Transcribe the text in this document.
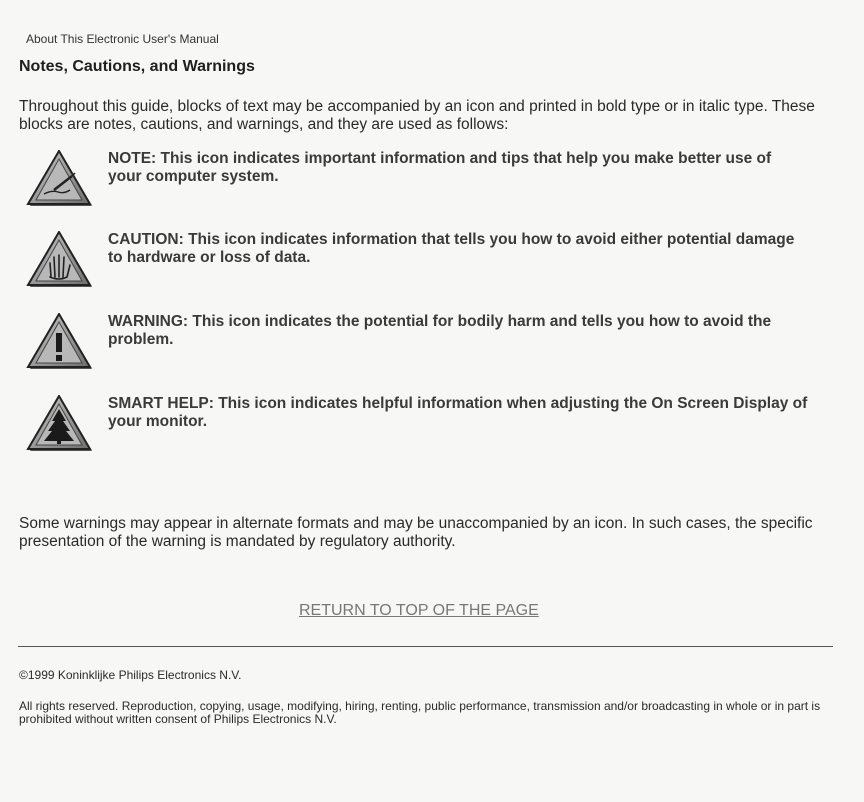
About This Electronic User's Manual
Notes, Cautions, and Warnings

Throughout this guide, blocks of text may be accompanied by an icon and printed in bold type or in italic type. These blocks are notes, cautions, and warnings, and they are used as follows:

NOTE: This icon indicates important information and tips that help you make better use of your computer system.
CAUTION: This icon indicates information that tells you how to avoid either potential damage to hardware or loss of data.
WARNING: This icon indicates the potential for bodily harm and tells you how to avoid the problem.
SMART HELP: This icon indicates helpful information when adjusting the On Screen Display of your monitor.

Some warnings may appear in alternate formats and may be unaccompanied by an icon. In such cases, the specific presentation of the warning is mandated by regulatory authority.

RETURN TO TOP OF THE PAGE
©1999 Koninklijke Philips Electronics N.V.

All rights reserved. Reproduction, copying, usage, modifying, hiring, renting, public performance, transmission and/or broadcasting in whole or in part is prohibited without written consent of Philips Electronics N.V.
